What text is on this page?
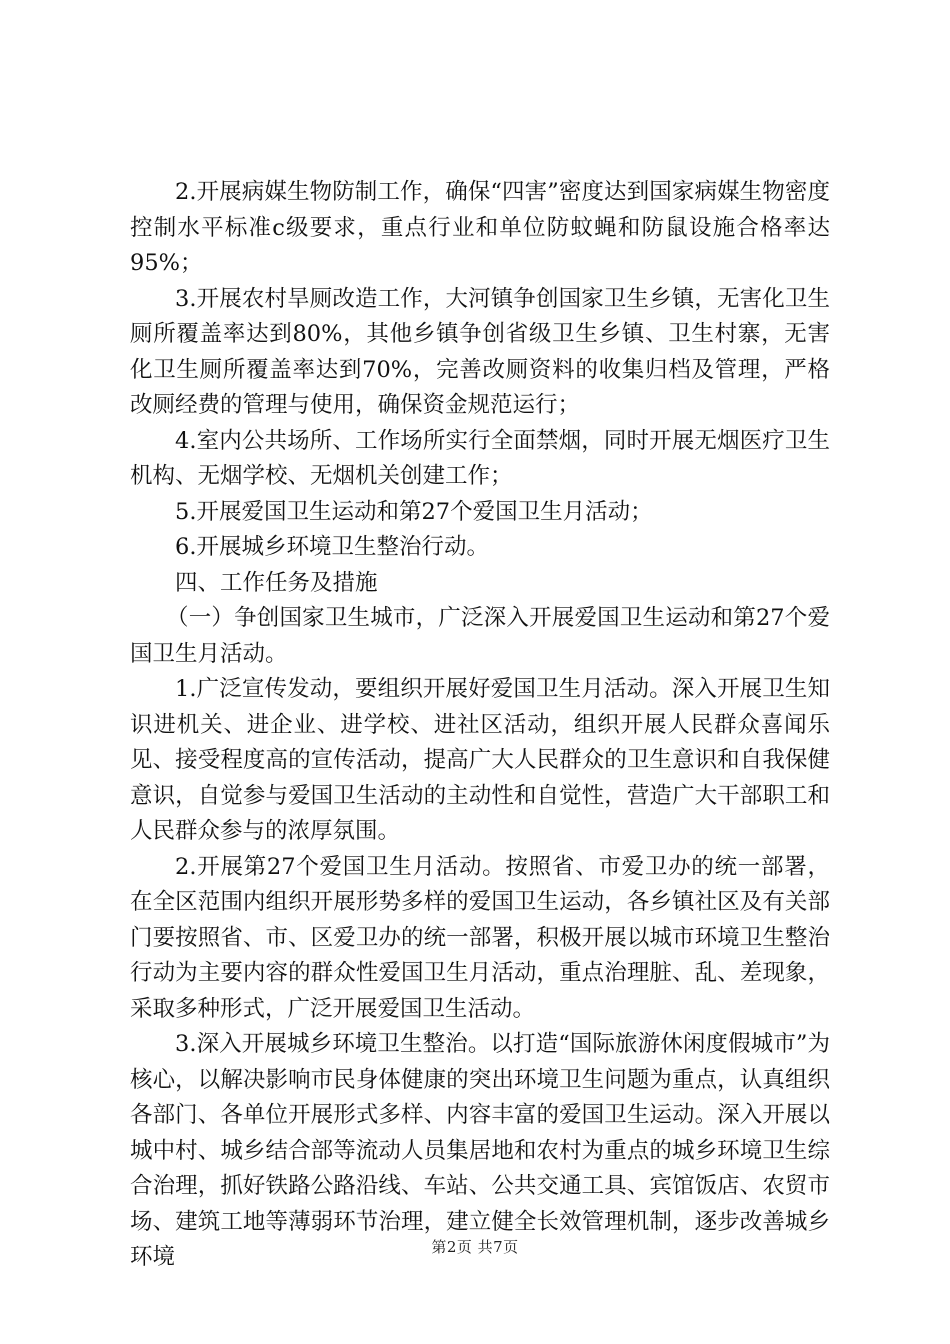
2.开展病媒生物防制工作，确保“四害”密度达到国家病媒生物密度控制水平标准c级要求，重点行业和单位防蚊蝇和防鼠设施合格率达95%；

3.开展农村旱厕改造工作，大河镇争创国家卫生乡镇，无害化卫生厕所覆盖率达到80%，其他乡镇争创省级卫生乡镇、卫生村寨，无害化卫生厕所覆盖率达到70%，完善改厕资料的收集归档及管理，严格改厕经费的管理与使用，确保资金规范运行；

4.室内公共场所、工作场所实行全面禁烟，同时开展无烟医疗卫生机构、无烟学校、无烟机关创建工作；

5.开展爱国卫生运动和第27个爱国卫生月活动；

6.开展城乡环境卫生整治行动。

四、工作任务及措施

（一）争创国家卫生城市，广泛深入开展爱国卫生运动和第27个爱国卫生月活动。

1.广泛宣传发动，要组织开展好爱国卫生月活动。深入开展卫生知识进机关、进企业、进学校、进社区活动，组织开展人民群众喜闻乐见、接受程度高的宣传活动，提高广大人民群众的卫生意识和自我保健意识，自觉参与爱国卫生活动的主动性和自觉性，营造广大干部职工和人民群众参与的浓厚氛围。

2.开展第27个爱国卫生月活动。按照省、市爱卫办的统一部署，在全区范围内组织开展形势多样的爱国卫生运动，各乡镇社区及有关部门要按照省、市、区爱卫办的统一部署，积极开展以城市环境卫生整治行动为主要内容的群众性爱国卫生月活动，重点治理脏、乱、差现象，采取多种形式，广泛开展爱国卫生活动。

3.深入开展城乡环境卫生整治。以打造“国际旅游休闲度假城市”为核心，以解决影响市民身体健康的突出环境卫生问题为重点，认真组织各部门、各单位开展形式多样、内容丰富的爱国卫生运动。深入开展以城中村、城乡结合部等流动人员集居地和农村为重点的城乡环境卫生综合治理，抓好铁路公路沿线、车站、公共交通工具、宾馆饭店、农贸市场、建筑工地等薄弱环节治理，建立健全长效管理机制，逐步改善城乡环境	第2页 共7页
